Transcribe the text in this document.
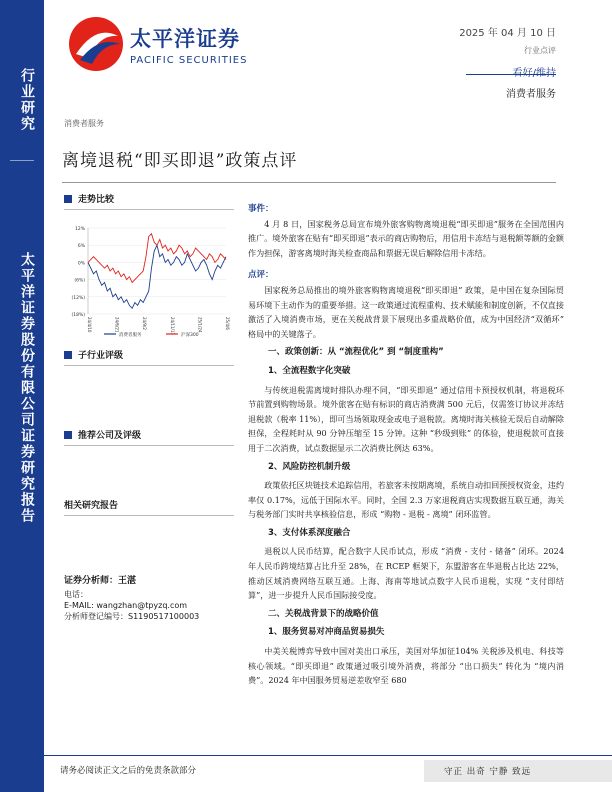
行业研究
太平洋证券股份有限公司证券研究报告
太平洋证券
PACIFIC SECURITIES
2025 年 04 月 10 日
行业点评
看好/维持
消费者服务
消费者服务
离境退税“即买即退”政策点评
走势比较
12%
6%
0%
(6%)
(12%)
(18%)
24/4/10	24/6/21	24/9/2	24/11/13	25/1/24	25/4/6
消费者服务	沪深300
子行业评级
推荐公司及评级
相关研究报告
证券分析师：王湛
电话：
E-MAIL: wangzhan@tpyzq.com
分析师登记编号：S1190517100003
事件：

4 月 8 日，国家税务总局宣布境外旅客购物离境退税“即买即退”服务在全国范围内推广。境外旅客在贴有“即买即退”表示的商店购物后，用信用卡冻结与退税额等额的金额作为担保，游客离境时海关检查商品和票据无误后解除信用卡冻结。

点评：

国家税务总局推出的境外旅客购物离境退税“即买即退” 政策，是中国在复杂国际贸易环境下主动作为的重要举措。这一政策通过流程重构、技术赋能和制度创新，不仅直接激活了入境消费市场，更在关税战背景下展现出多重战略价值，成为中国经济“双循环” 格局中的关键落子。

一、政策创新：从 “流程优化” 到 “制度重构”
1、全流程数字化突破

与传统退税需离境时排队办理不同，“即买即退” 通过信用卡预授权机制，将退税环节前置到购物场景。境外旅客在贴有标识的商店消费满 500 元后，仅需签订协议并冻结退税款（税率 11%），即可当场领取现金或电子退税款。离境时海关核验无误后自动解除担保，全程耗时从 90 分钟压缩至 15 分钟。这种 “秒级到账” 的体验，使退税款可直接用于二次消费，试点数据显示二次消费比例达 63%。

2、风险防控机制升级

政策依托区块链技术追踪信用，若旅客未按期离境，系统自动扣回预授权资金，违约率仅 0.17%，远低于国际水平。同时，全国 2.3 万家退税商店实现数据互联互通，海关与税务部门实时共享核验信息，形成 “购物 - 退税 - 离境” 闭环监管。

3、支付体系深度融合

退税以人民币结算，配合数字人民币试点，形成 “消费 - 支付 - 储备” 闭环。2024 年人民币跨境结算占比升至 28%，在 RCEP 框架下，东盟游客在华退税占比达 22%，推动区域消费网络互联互通。上海、海南等地试点数字人民币退税，实现 “支付即结算”，进一步提升人民币国际接受度。

二、关税战背景下的战略价值
1、服务贸易对冲商品贸易损失

中美关税博弈导致中国对美出口承压，美国对华加征104% 关税涉及机电、科技等核心领域。“即买即退” 政策通过吸引境外消费，将部分 “出口损失” 转化为 “境内消费”。2024 年中国服务贸易逆差收窄至 680

请务必阅读正文之后的免责条款部分	守正 出奇 宁静 致远
